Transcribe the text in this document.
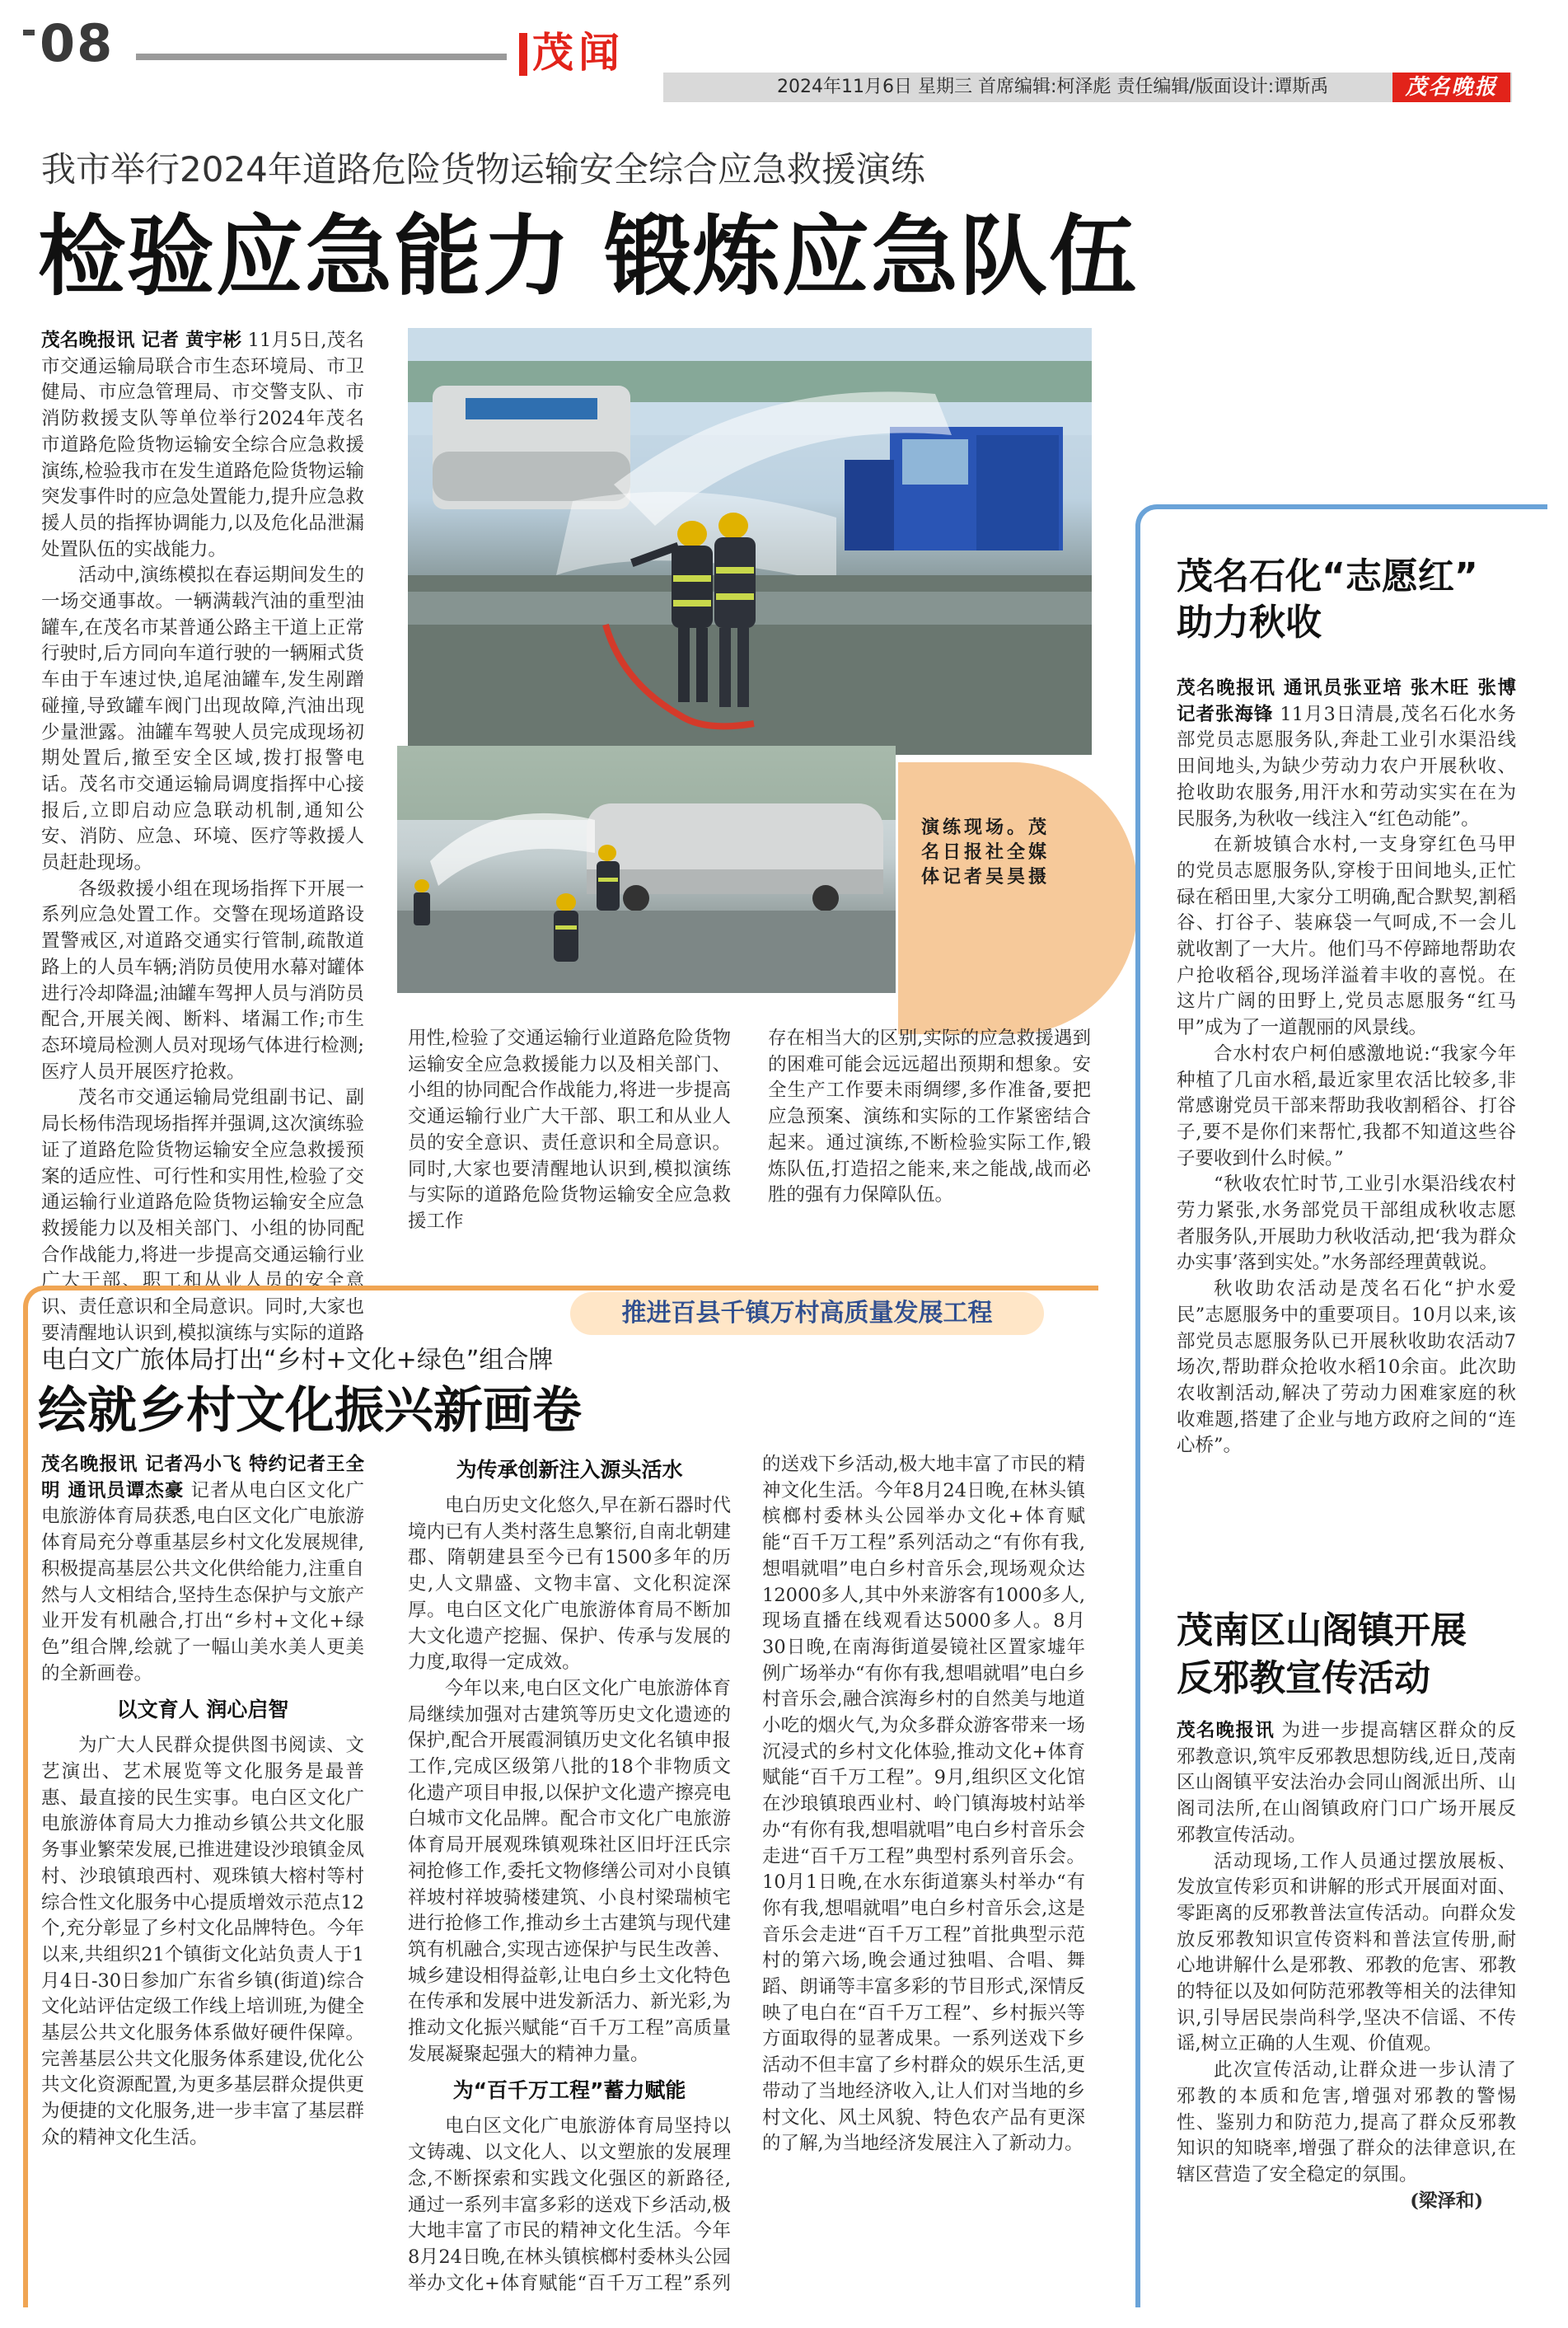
08	茂闻
2024年11月6日 星期三 首席编辑:柯泽彪 责任编辑/版面设计:谭斯禹	茂名晚报
我市举行2024年道路危险货物运输安全综合应急救援演练
检验应急能力 锻炼应急队伍

茂名晚报讯 记者 黄宇彬 11月5日,茂名市交通运输局联合市生态环境局、市卫健局、市应急管理局、市交警支队、市消防救援支队等单位举行2024年茂名市道路危险货物运输安全综合应急救援演练,检验我市在发生道路危险货物运输突发事件时的应急处置能力,提升应急救援人员的指挥协调能力,以及危化品泄漏处置队伍的实战能力。

活动中,演练模拟在春运期间发生的一场交通事故。一辆满载汽油的重型油罐车,在茂名市某普通公路主干道上正常行驶时,后方同向车道行驶的一辆厢式货车由于车速过快,追尾油罐车,发生剐蹭碰撞,导致罐车阀门出现故障,汽油出现少量泄露。油罐车驾驶人员完成现场初期处置后,撤至安全区域,拨打报警电话。茂名市交通运输局调度指挥中心接报后,立即启动应急联动机制,通知公安、消防、应急、环境、医疗等救援人员赶赴现场。

各级救援小组在现场指挥下开展一系列应急处置工作。交警在现场道路设置警戒区,对道路交通实行管制,疏散道路上的人员车辆;消防员使用水幕对罐体进行冷却降温;油罐车驾押人员与消防员配合,开展关阀、断料、堵漏工作;市生态环境局检测人员对现场气体进行检测;医疗人员开展医疗抢救。

茂名市交通运输局党组副书记、副局长杨伟浩现场指挥并强调,这次演练验证了道路危险货物运输安全应急救援预案的适应性、可行性和实用性,检验了交通运输行业道路危险货物运输安全应急救援能力以及相关部门、小组的协同配合作战能力,将进一步提高交通运输行业广大干部、职工和从业人员的安全意识、责任意识和全局意识。同时,大家也要清醒地认识到,模拟演练与实际的道路

演练现场。茂名日报社全媒体记者吴昊摄

用性,检验了交通运输行业道路危险货物运输安全应急救援能力以及相关部门、小组的协同配合作战能力,将进一步提高交通运输行业广大干部、职工和从业人员的安全意识、责任意识和全局意识。同时,大家也要清醒地认识到,模拟演练与实际的道路危险货物运输安全应急救援工作

存在相当大的区别,实际的应急救援遇到的困难可能会远远超出预期和想象。安全生产工作要未雨绸缪,多作准备,要把应急预案、演练和实际的工作紧密结合起来。通过演练,不断检验实际工作,锻炼队伍,打造招之能来,来之能战,战而必胜的强有力保障队伍。

推进百县千镇万村高质量发展工程
电白文广旅体局打出“乡村+文化+绿色”组合牌
绘就乡村文化振兴新画卷

茂名晚报讯 记者冯小飞 特约记者王全明 通讯员谭杰豪 记者从电白区文化广电旅游体育局获悉,电白区文化广电旅游体育局充分尊重基层乡村文化发展规律,积极提高基层公共文化供给能力,注重自然与人文相结合,坚持生态保护与文旅产业开发有机融合,打出“乡村+文化+绿色”组合牌,绘就了一幅山美水美人更美的全新画卷。

以文育人 润心启智

为广大人民群众提供图书阅读、文艺演出、艺术展览等文化服务是最普惠、最直接的民生实事。电白区文化广电旅游体育局大力推动乡镇公共文化服务事业繁荣发展,已推进建设沙琅镇金凤村、沙琅镇琅西村、观珠镇大榕村等村综合性文化服务中心提质增效示范点12个,充分彰显了乡村文化品牌特色。今年以来,共组织21个镇街文化站负责人于1月4日-30日参加广东省乡镇(街道)综合文化站评估定级工作线上培训班,为健全基层公共文化服务体系做好硬件保障。完善基层公共文化服务体系建设,优化公共文化资源配置,为更多基层群众提供更为便捷的文化服务,进一步丰富了基层群众的精神文化生活。

为传承创新注入源头活水

电白历史文化悠久,早在新石器时代境内已有人类村落生息繁衍,自南北朝建郡、隋朝建县至今已有1500多年的历史,人文鼎盛、文物丰富、文化积淀深厚。电白区文化广电旅游体育局不断加大文化遗产挖掘、保护、传承与发展的力度,取得一定成效。

今年以来,电白区文化广电旅游体育局继续加强对古建筑等历史文化遗迹的保护,配合开展霞洞镇历史文化名镇申报工作,完成区级第八批的18个非物质文化遗产项目申报,以保护文化遗产擦亮电白城市文化品牌。配合市文化广电旅游体育局开展观珠镇观珠社区旧圩汪氏宗祠抢修工作,委托文物修缮公司对小良镇祥坡村祥坡骑楼建筑、小良村梁瑞桢宅进行抢修工作,推动乡土古建筑与现代建筑有机融合,实现古迹保护与民生改善、城乡建设相得益彰,让电白乡土文化特色在传承和发展中进发新活力、新光彩,为推动文化振兴赋能“百千万工程”高质量发展凝聚起强大的精神力量。

为“百千万工程”蓄力赋能

电白区文化广电旅游体育局坚持以文铸魂、以文化人、以文塑旅的发展理念,不断探索和实践文化强区的新路径,通过一系列丰富多彩的送戏下乡活动,极大地丰富了市民的精神文化生活。今年8月24日晚,在林头镇槟榔村委林头公园举办文化+体育赋能“百千万工程”系列

的送戏下乡活动,极大地丰富了市民的精神文化生活。今年8月24日晚,在林头镇槟榔村委林头公园举办文化+体育赋能“百千万工程”系列活动之“有你有我,想唱就唱”电白乡村音乐会,现场观众达12000多人,其中外来游客有1000多人,现场直播在线观看达5000多人。8月30日晚,在南海街道晏镜社区置家墟年例广场举办“有你有我,想唱就唱”电白乡村音乐会,融合滨海乡村的自然美与地道小吃的烟火气,为众多群众游客带来一场沉浸式的乡村文化体验,推动文化+体育赋能“百千万工程”。9月,组织区文化馆在沙琅镇琅西业村、岭门镇海坡村站举办“有你有我,想唱就唱”电白乡村音乐会走进“百千万工程”典型村系列音乐会。10月1日晚,在水东街道寨头村举办“有你有我,想唱就唱”电白乡村音乐会,这是音乐会走进“百千万工程”首批典型示范村的第六场,晚会通过独唱、合唱、舞蹈、朗诵等丰富多彩的节目形式,深情反映了电白在“百千万工程”、乡村振兴等方面取得的显著成果。一系列送戏下乡活动不但丰富了乡村群众的娱乐生活,更带动了当地经济收入,让人们对当地的乡村文化、风土风貌、特色农产品有更深的了解,为当地经济发展注入了新动力。

茂名石化“志愿红”
助力秋收

茂名晚报讯 通讯员张亚培 张木旺 张博 记者张海锋 11月3日清晨,茂名石化水务部党员志愿服务队,奔赴工业引水渠沿线田间地头,为缺少劳动力农户开展秋收、抢收助农服务,用汗水和劳动实实在在为民服务,为秋收一线注入“红色动能”。

在新坡镇合水村,一支身穿红色马甲的党员志愿服务队,穿梭于田间地头,正忙碌在稻田里,大家分工明确,配合默契,割稻谷、打谷子、装麻袋一气呵成,不一会儿就收割了一大片。他们马不停蹄地帮助农户抢收稻谷,现场洋溢着丰收的喜悦。在这片广阔的田野上,党员志愿服务“红马甲”成为了一道靓丽的风景线。

合水村农户柯伯感激地说:“我家今年种植了几亩水稻,最近家里农活比较多,非常感谢党员干部来帮助我收割稻谷、打谷子,要不是你们来帮忙,我都不知道这些谷子要收到什么时候。”

“秋收农忙时节,工业引水渠沿线农村劳力紧张,水务部党员干部组成秋收志愿者服务队,开展助力秋收活动,把‘我为群众办实事’落到实处。”水务部经理黄戟说。

秋收助农活动是茂名石化“护水爱民”志愿服务中的重要项目。10月以来,该部党员志愿服务队已开展秋收助农活动7场次,帮助群众抢收水稻10余亩。此次助农收割活动,解决了劳动力困难家庭的秋收难题,搭建了企业与地方政府之间的“连心桥”。

茂南区山阁镇开展
反邪教宣传活动

茂名晚报讯 为进一步提高辖区群众的反邪教意识,筑牢反邪教思想防线,近日,茂南区山阁镇平安法治办会同山阁派出所、山阁司法所,在山阁镇政府门口广场开展反邪教宣传活动。

活动现场,工作人员通过摆放展板、发放宣传彩页和讲解的形式开展面对面、零距离的反邪教普法宣传活动。向群众发放反邪教知识宣传资料和普法宣传册,耐心地讲解什么是邪教、邪教的危害、邪教的特征以及如何防范邪教等相关的法律知识,引导居民崇尚科学,坚决不信谣、不传谣,树立正确的人生观、价值观。

此次宣传活动,让群众进一步认清了邪教的本质和危害,增强对邪教的警惕性、鉴别力和防范力,提高了群众反邪教知识的知晓率,增强了群众的法律意识,在辖区营造了安全稳定的氛围。

(梁泽和)
